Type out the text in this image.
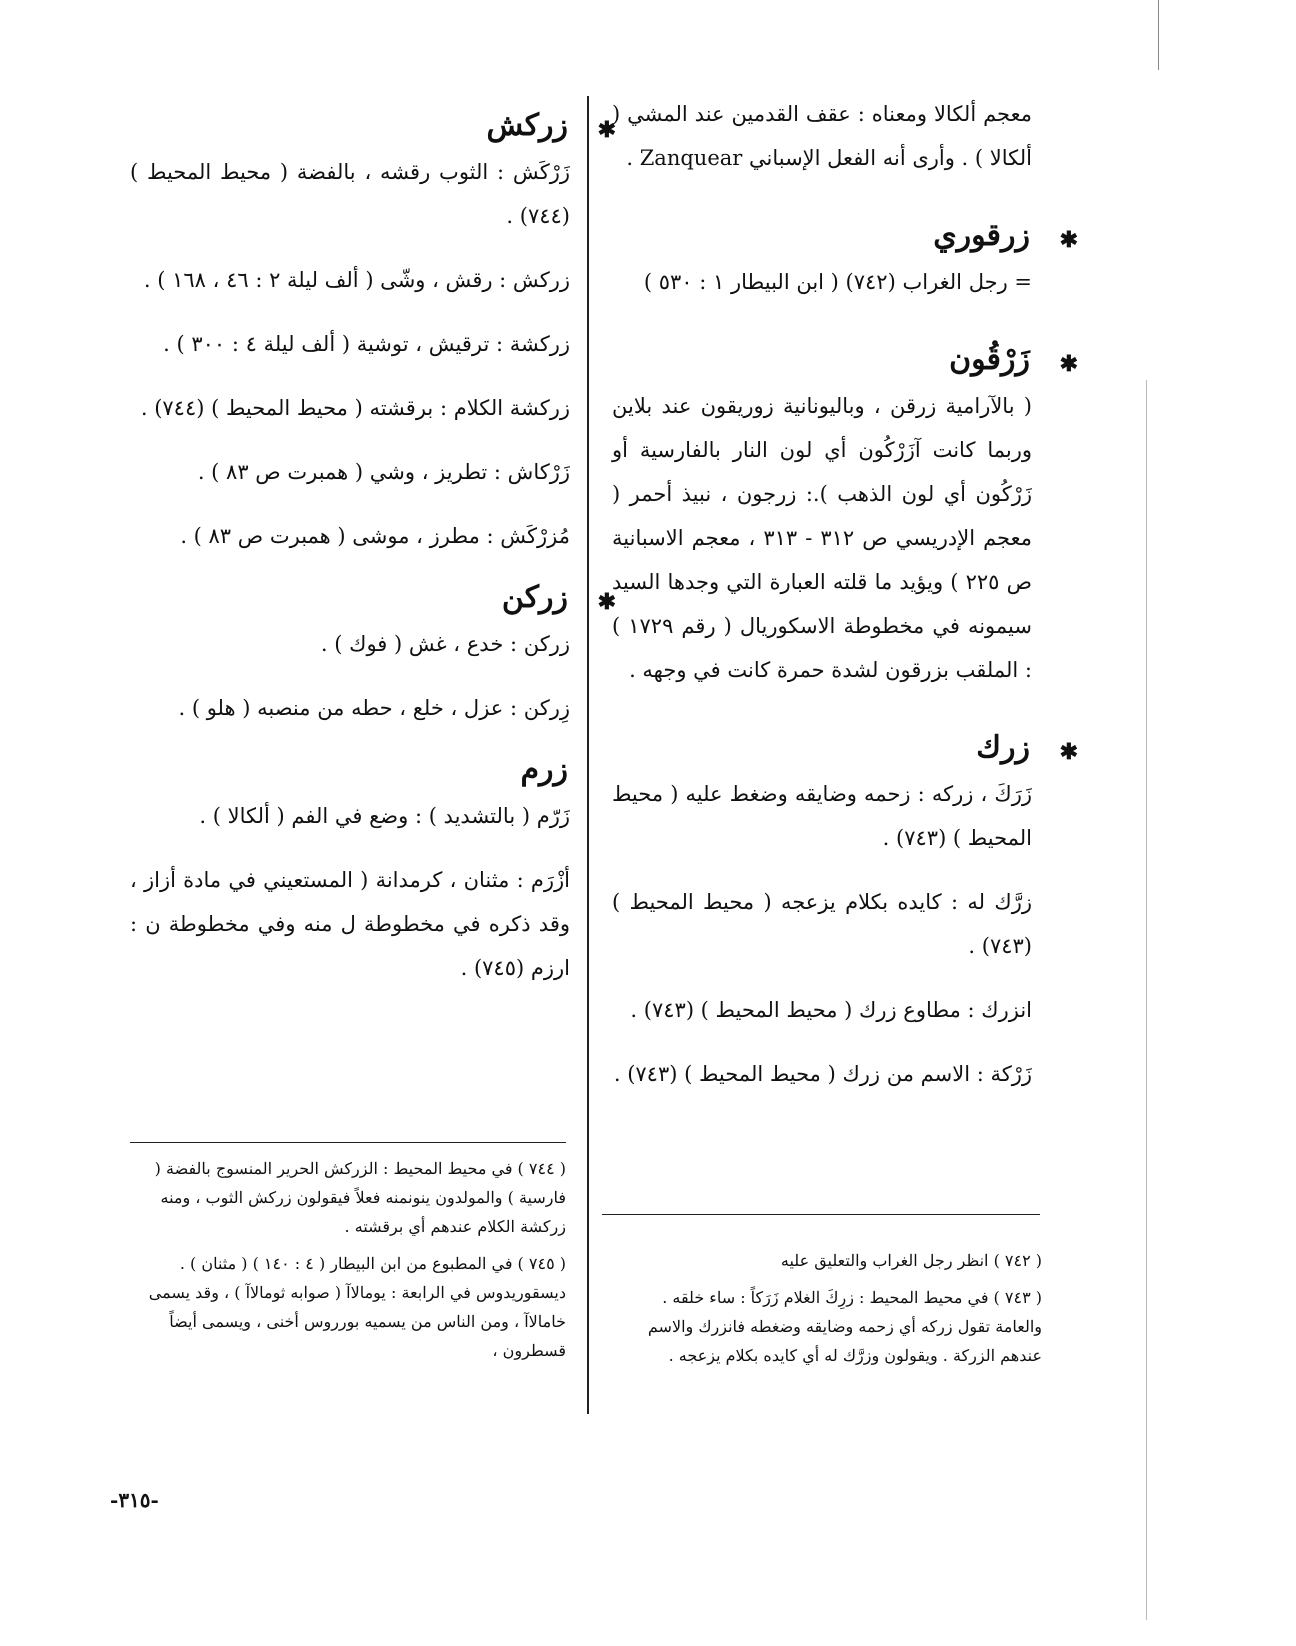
معجم ألكالا ومعناه : عقف القدمين عند المشي ( ألكالا ) . وأرى أنه الفعل الإسباني Zanquear .
✱
زرقوري
= رجل الغراب (٧٤٢) ( ابن البيطار ١ : ٥٣٠ )
✱
زَرْقُون
( بالآرامية زرقن ، وباليونانية زوريقون عند بلاين وربما كانت آزَرْكُون أي لون النار بالفارسية أو زَرْكُون أي لون الذهب ).: زرجون ، نبيذ أحمر ( معجم الإدريسي ص ٣١٢ - ٣١٣ ، معجم الاسبانية ص ٢٢٥ ) ويؤيد ما قلته العبارة التي وجدها السيد سيمونه في مخطوطة الاسكوريال ( رقم ١٧٢٩ ) : الملقب بزرقون لشدة حمرة كانت في وجهه .
✱
زرك
زَرَكَ ، زركه : زحمه وضايقه وضغط عليه ( محيط المحيط ) (٧٤٣) .
زرَّك له : كايده بكلام يزعجه ( محيط المحيط ) (٧٤٣) .
انزرك : مطاوع زرك ( محيط المحيط ) (٧٤٣) .
زَرْكة : الاسم من زرك ( محيط المحيط ) (٧٤٣) .
✱
زركش
زَرْكَش : الثوب رقشه ، بالفضة ( محيط المحيط ) (٧٤٤) .
زركش : رقش ، وشّى ( ألف ليلة ٢ : ٤٦ ، ١٦٨ ) .
زركشة : ترقيش ، توشية ( ألف ليلة ٤ : ٣٠٠ ) .
زركشة الكلام : برقشته ( محيط المحيط ) (٧٤٤) .
زَرْكاش : تطريز ، وشي ( همبرت ص ٨٣ ) .
مُزرْكَش : مطرز ، موشى ( همبرت ص ٨٣ ) .
✱
زركن
زركن : خدع ، غش ( فوك ) .
زِركن : عزل ، خلع ، حطه من منصبه ( هلو ) .
زرم
زَرّم ( بالتشديد ) : وضع في الفم ( ألكالا ) .
أزْرَم : مثنان ، كرمدانة ( المستعيني في مادة أزاز ، وقد ذكره في مخطوطة ل منه وفي مخطوطة ن : ارزم (٧٤٥) .

( ٧٤٤ ) في محيط المحيط : الزركش الحرير المنسوج بالفضة ( فارسية ) والمولدون ينونمنه فعلاً فيقولون زركش الثوب ، ومنه زركشة الكلام عندهم أي برقشته .

( ٧٤٥ ) في المطبوع من ابن البيطار ( ٤ : ١٤٠ ) ( مثنان ) . ديسقوريدوس في الرابعة : يومالاآ ( صوابه ثومالاآ ) ، وقد يسمى خامالاآ ، ومن الناس من يسميه بورروس أخنى ، ويسمى أيضاً قسطرون ،

( ٧٤٢ ) انظر رجل الغراب والتعليق عليه

( ٧٤٣ ) في محيط المحيط : زرِكَ الغلام زَرَكاً : ساء خلقه . والعامة تقول زركه أي زحمه وضايقه وضغطه فانزرك والاسم عندهم الزركة . ويقولون وزرَّك له أي كايده بكلام يزعجه .

-٣١٥-
